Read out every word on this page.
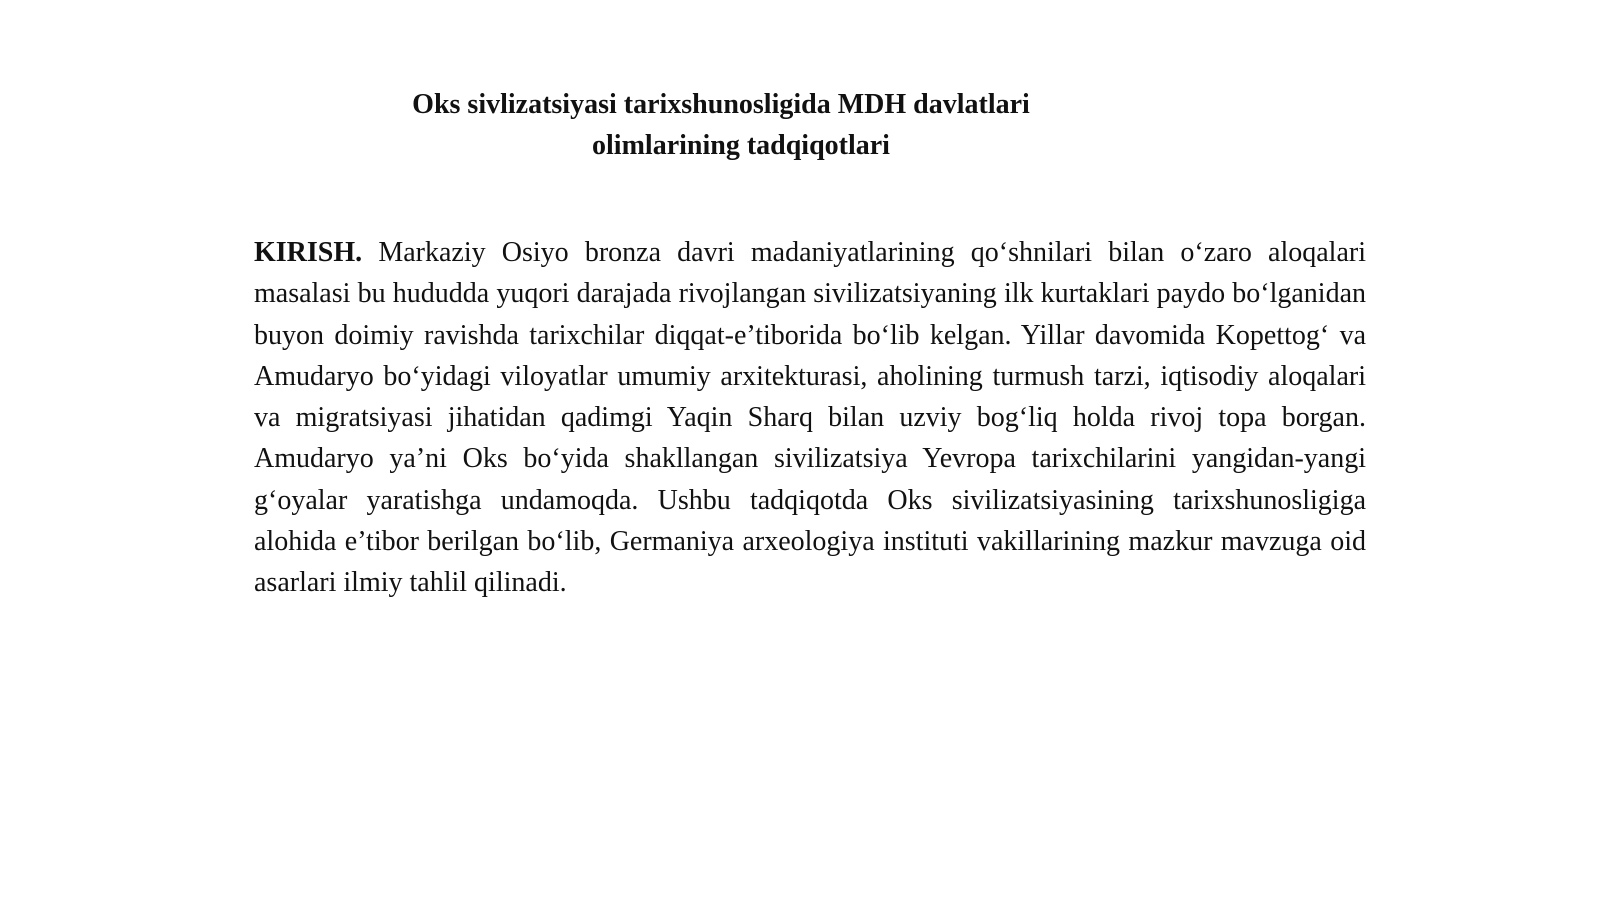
Oks sivlizatsiyasi tarixshunosligida MDH davlatlari
olimlarining tadqiqotlari

KIRISH. Markaziy Osiyo bronza davri madaniyatlarining qo‘shnilari bilan o‘zaro aloqalari masalasi bu hududda yuqori darajada rivojlangan sivilizatsiyaning ilk kurtaklari paydo bo‘lganidan buyon doimiy ravishda tarixchilar diqqat-e’tiborida bo‘lib kelgan. Yillar davomida Kopettog‘ va Amudaryo bo‘yidagi viloyatlar umumiy arxitekturasi, aholining turmush tarzi, iqtisodiy aloqalari va migratsiyasi jihatidan qadimgi Yaqin Sharq bilan uzviy bog‘liq holda rivoj topa borgan. Amudaryo ya’ni Oks bo‘yida shakllangan sivilizatsiya Yevropa tarixchilarini yangidan-yangi g‘oyalar yaratishga undamoqda. Ushbu tadqiqotda Oks sivilizatsiyasining tarixshunosligiga alohida e’tibor berilgan bo‘lib, Germaniya arxeologiya instituti vakillarining mazkur mavzuga oid asarlari ilmiy tahlil qilinadi.
